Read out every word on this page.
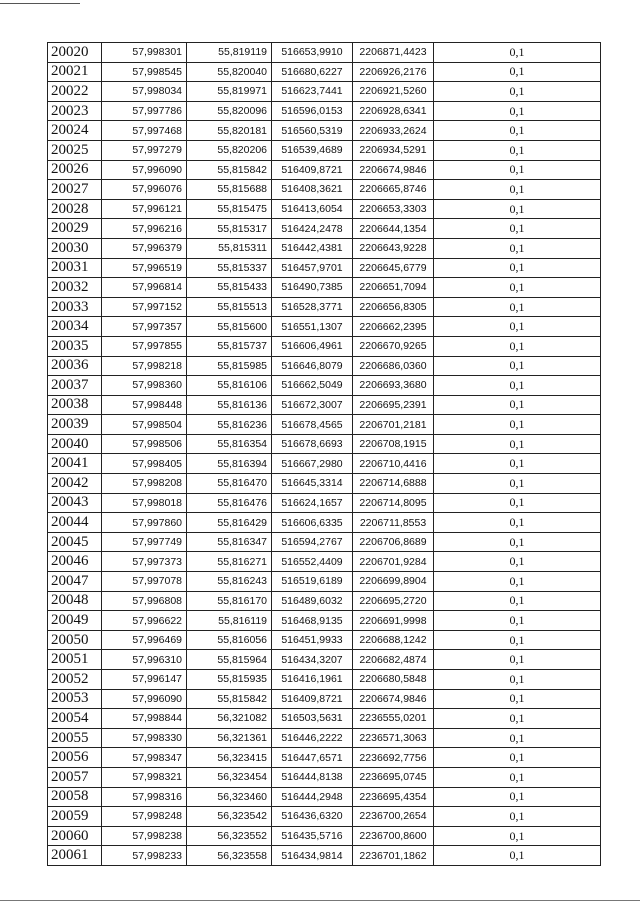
20020	57,998301	55,819119	516653,9910	2206871,4423	0,1
20021	57,998545	55,820040	516680,6227	2206926,2176	0,1
20022	57,998034	55,819971	516623,7441	2206921,5260	0,1
20023	57,997786	55,820096	516596,0153	2206928,6341	0,1
20024	57,997468	55,820181	516560,5319	2206933,2624	0,1
20025	57,997279	55,820206	516539,4689	2206934,5291	0,1
20026	57,996090	55,815842	516409,8721	2206674,9846	0,1
20027	57,996076	55,815688	516408,3621	2206665,8746	0,1
20028	57,996121	55,815475	516413,6054	2206653,3303	0,1
20029	57,996216	55,815317	516424,2478	2206644,1354	0,1
20030	57,996379	55,815311	516442,4381	2206643,9228	0,1
20031	57,996519	55,815337	516457,9701	2206645,6779	0,1
20032	57,996814	55,815433	516490,7385	2206651,7094	0,1
20033	57,997152	55,815513	516528,3771	2206656,8305	0,1
20034	57,997357	55,815600	516551,1307	2206662,2395	0,1
20035	57,997855	55,815737	516606,4961	2206670,9265	0,1
20036	57,998218	55,815985	516646,8079	2206686,0360	0,1
20037	57,998360	55,816106	516662,5049	2206693,3680	0,1
20038	57,998448	55,816136	516672,3007	2206695,2391	0,1
20039	57,998504	55,816236	516678,4565	2206701,2181	0,1
20040	57,998506	55,816354	516678,6693	2206708,1915	0,1
20041	57,998405	55,816394	516667,2980	2206710,4416	0,1
20042	57,998208	55,816470	516645,3314	2206714,6888	0,1
20043	57,998018	55,816476	516624,1657	2206714,8095	0,1
20044	57,997860	55,816429	516606,6335	2206711,8553	0,1
20045	57,997749	55,816347	516594,2767	2206706,8689	0,1
20046	57,997373	55,816271	516552,4409	2206701,9284	0,1
20047	57,997078	55,816243	516519,6189	2206699,8904	0,1
20048	57,996808	55,816170	516489,6032	2206695,2720	0,1
20049	57,996622	55,816119	516468,9135	2206691,9998	0,1
20050	57,996469	55,816056	516451,9933	2206688,1242	0,1
20051	57,996310	55,815964	516434,3207	2206682,4874	0,1
20052	57,996147	55,815935	516416,1961	2206680,5848	0,1
20053	57,996090	55,815842	516409,8721	2206674,9846	0,1
20054	57,998844	56,321082	516503,5631	2236555,0201	0,1
20055	57,998330	56,321361	516446,2222	2236571,3063	0,1
20056	57,998347	56,323415	516447,6571	2236692,7756	0,1
20057	57,998321	56,323454	516444,8138	2236695,0745	0,1
20058	57,998316	56,323460	516444,2948	2236695,4354	0,1
20059	57,998248	56,323542	516436,6320	2236700,2654	0,1
20060	57,998238	56,323552	516435,5716	2236700,8600	0,1
20061	57,998233	56,323558	516434,9814	2236701,1862	0,1
